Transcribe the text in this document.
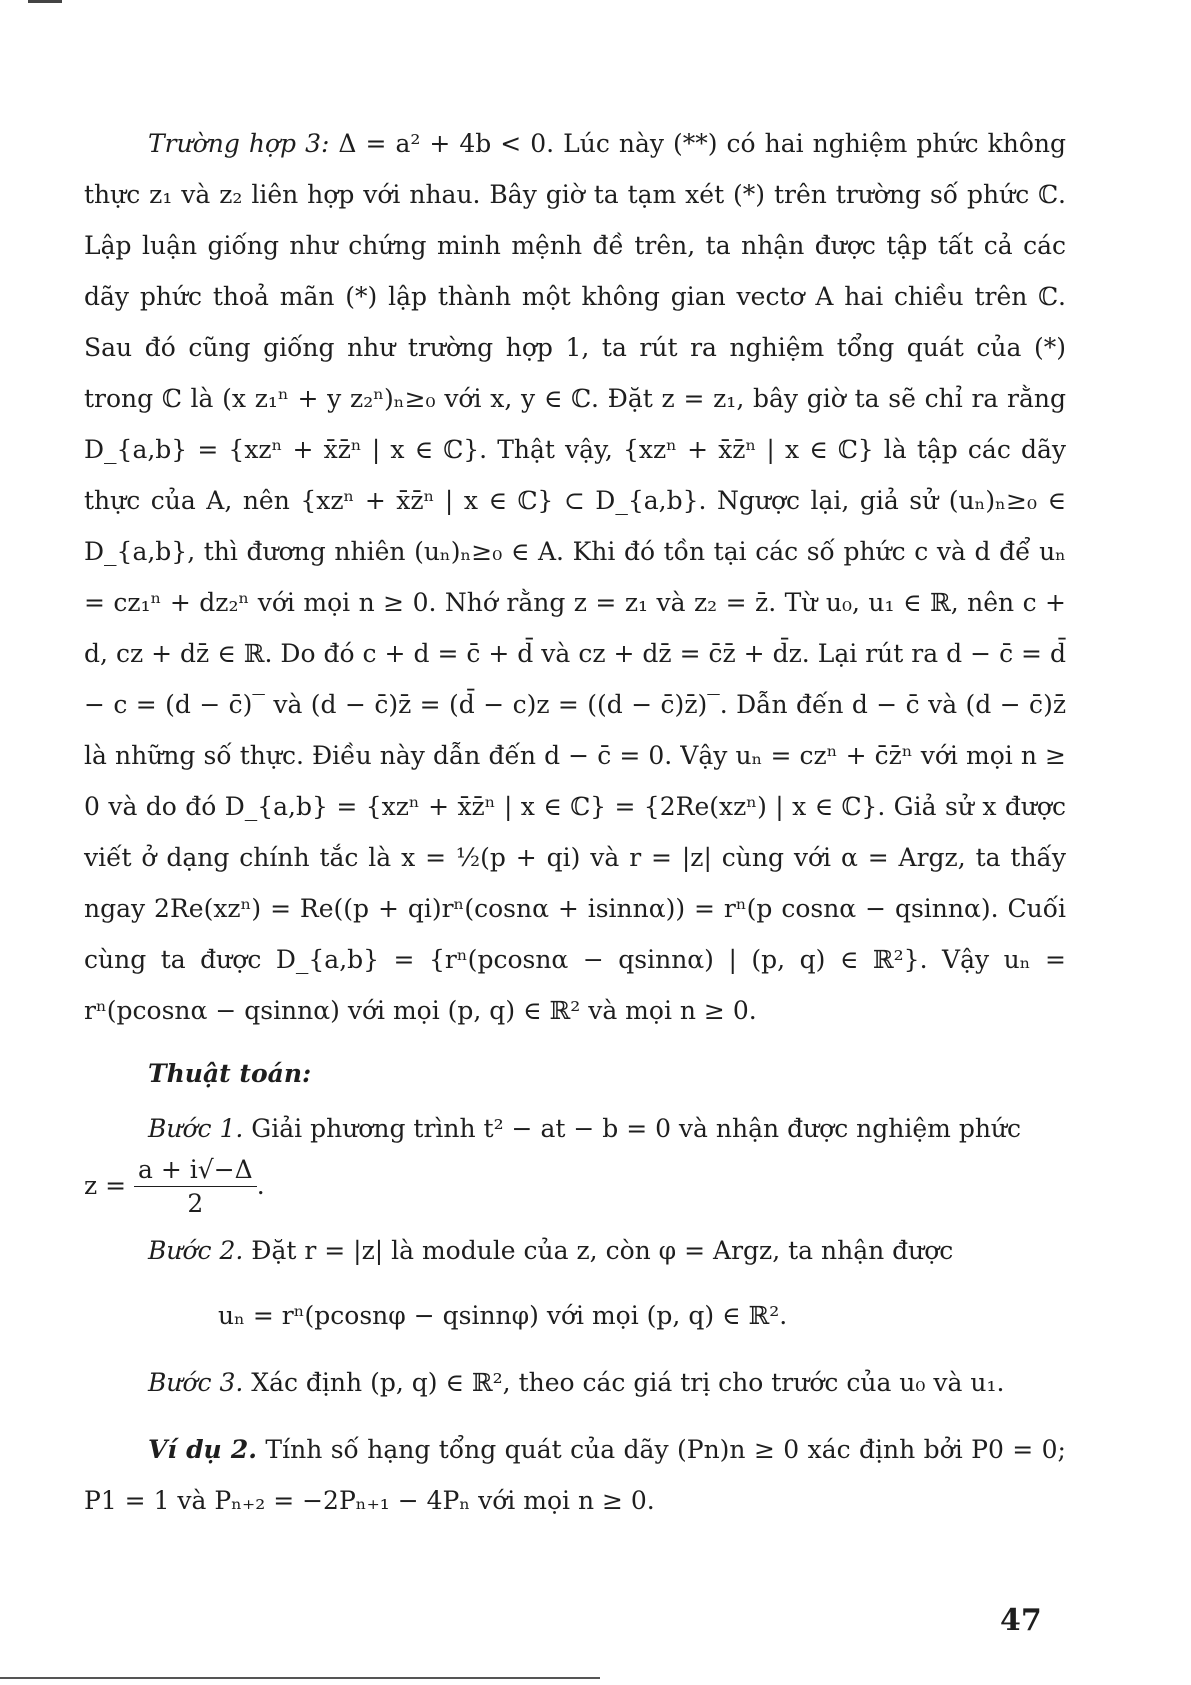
Trường hợp 3: Δ = a² + 4b < 0. Lúc này (**) có hai nghiệm phức không thực z₁ và z₂ liên hợp với nhau. Bây giờ ta tạm xét (*) trên trường số phức ℂ. Lập luận giống như chứng minh mệnh đề trên, ta nhận được tập tất cả các dãy phức thoả mãn (*) lập thành một không gian vectơ A hai chiều trên ℂ. Sau đó cũng giống như trường hợp 1, ta rút ra nghiệm tổng quát của (*) trong ℂ là (x z₁ⁿ + y z₂ⁿ)ₙ≥₀ với x, y ∈ ℂ. Đặt z = z₁, bây giờ ta sẽ chỉ ra rằng D_{a,b} = {xzⁿ + x̄z̄ⁿ | x ∈ ℂ}. Thật vậy, {xzⁿ + x̄z̄ⁿ | x ∈ ℂ} là tập các dãy thực của A, nên {xzⁿ + x̄z̄ⁿ | x ∈ ℂ} ⊂ D_{a,b}. Ngược lại, giả sử (uₙ)ₙ≥₀ ∈ D_{a,b}, thì đương nhiên (uₙ)ₙ≥₀ ∈ A. Khi đó tồn tại các số phức c và d để uₙ = cz₁ⁿ + dz₂ⁿ với mọi n ≥ 0. Nhớ rằng z = z₁ và z₂ = z̄. Từ u₀, u₁ ∈ ℝ, nên c + d, cz + dz̄ ∈ ℝ. Do đó c + d = c̄ + d̄ và cz + dz̄ = c̄z̄ + d̄z. Lại rút ra d − c̄ = d̄ − c = (d − c̄)‾ và (d − c̄)z̄ = (d̄ − c)z = ((d − c̄)z̄)‾. Dẫn đến d − c̄ và (d − c̄)z̄ là những số thực. Điều này dẫn đến d − c̄ = 0. Vậy uₙ = czⁿ + c̄z̄ⁿ với mọi n ≥ 0 và do đó D_{a,b} = {xzⁿ + x̄z̄ⁿ | x ∈ ℂ} = {2Re(xzⁿ) | x ∈ ℂ}. Giả sử x được viết ở dạng chính tắc là x = ½(p + qi) và r = |z| cùng với α = Argz, ta thấy ngay 2Re(xzⁿ) = Re((p + qi)rⁿ(cosnα + isinnα)) = rⁿ(p cosnα − qsinnα). Cuối cùng ta được D_{a,b} = {rⁿ(pcosnα − qsinnα) | (p, q) ∈ ℝ²}. Vậy uₙ = rⁿ(pcosnα − qsinnα) với mọi (p, q) ∈ ℝ² và mọi n ≥ 0.

Thuật toán:

Bước 1. Giải phương trình t² − at − b = 0 và nhận được nghiệm phức

$z = \frac{a + i√-\Delta}{2}$ .

Bước 2. Đặt r = |z| là module của z, còn φ = Argz, ta nhận được

uₙ = rⁿ(pcosnφ − qsinnφ) với mọi (p, q) ∈ ℝ².

Bước 3. Xác định (p, q) ∈ ℝ², theo các giá trị cho trước của u₀ và u₁.

Ví dụ 2. Tính số hạng tổng quát của dãy (Pn)n ≥ 0 xác định bởi P0 = 0; P1 = 1 và Pₙ₊₂ = −2Pₙ₊₁ − 4Pₙ với mọi n ≥ 0.

47
